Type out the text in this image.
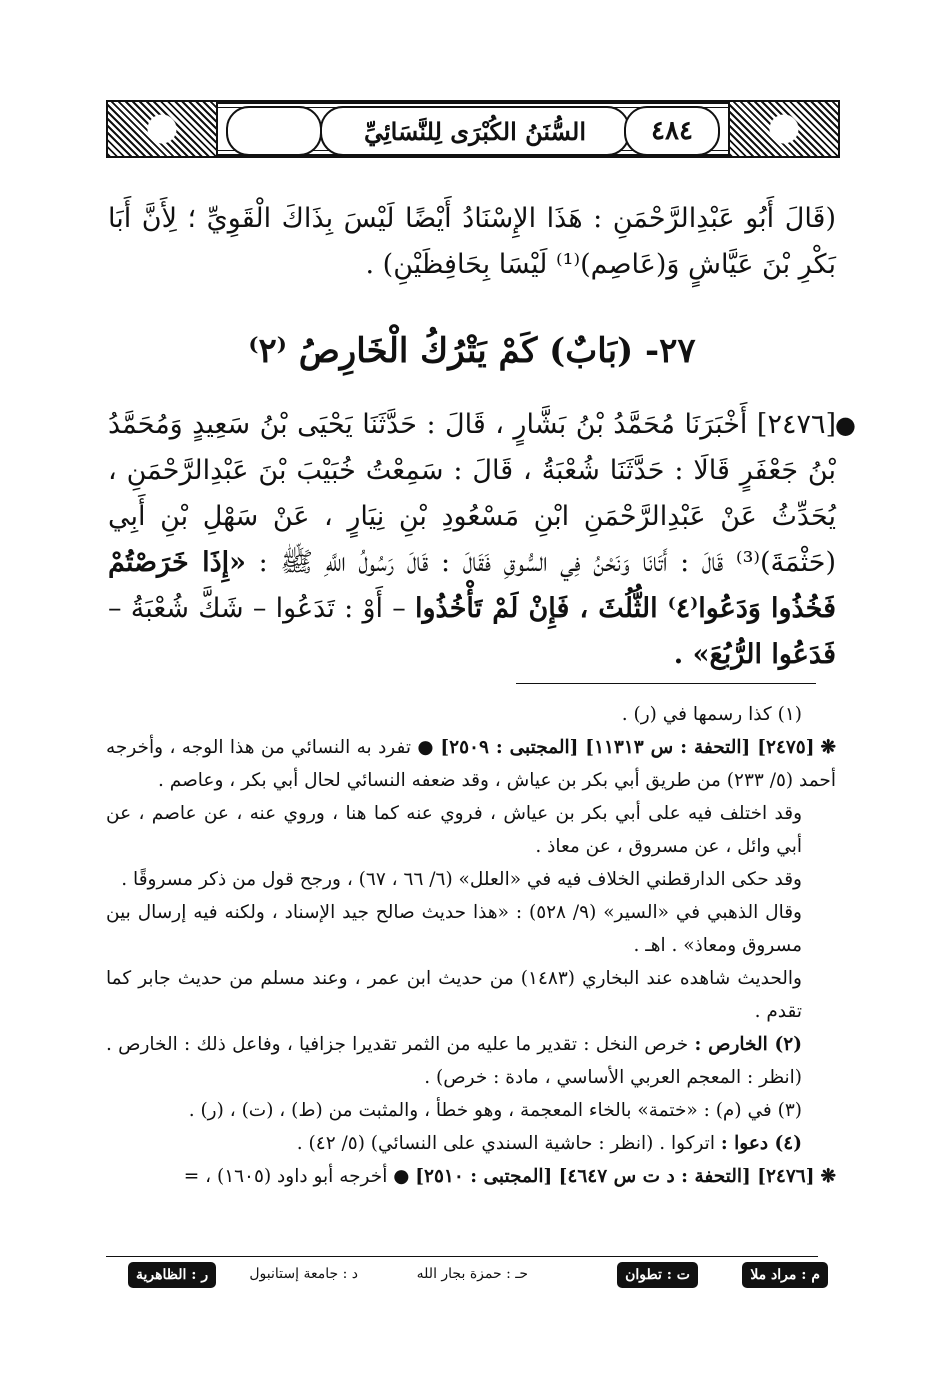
السُّنَنُ الكُبْرَى لِلنَّسَائِيِّ	٤٨٤

(قَالَ أَبُو عَبْدِالرَّحْمَنِ : هَذَا الإِسْنَادُ أَيْضًا لَيْسَ بِذَاكَ الْقَوِيِّ ؛ لِأَنَّ أَبَا بَكْرِ بْنَ عَيَّاشٍ وَ(عَاصِم)⁽¹⁾ لَيْسَا بِحَافِظَيْنِ) .

٢٧- (بَابٌ) كَمْ يَتْرُكُ الْخَارِصُ ⁽٢⁾
●
[٢٤٧٦] أَخْبَرَنَا مُحَمَّدُ بْنُ بَشَّارٍ ، قَالَ : حَدَّثَنَا يَحْيَى بْنُ سَعِيدٍ وَمُحَمَّدُ بْنُ جَعْفَرٍ قَالَا : حَدَّثَنَا شُعْبَةُ ، قَالَ : سَمِعْتُ خُبَيْبَ بْنَ عَبْدِالرَّحْمَنِ ، يُحَدِّثُ عَنْ عَبْدِالرَّحْمَنِ ابْنِ مَسْعُودِ بْنِ نِيَارٍ ، عَنْ سَهْلِ بْنِ أَبِي (حَثْمَةَ)⁽³⁾ قَالَ : أَتَانَا وَنَحْنُ فِي السُّوقِ فَقَالَ : قَالَ رَسُولُ اللَّهِ ﷺ : «إِذَا خَرَصْتُمْ فَخُذُوا وَدَعُوا⁽٤⁾ الثُّلُثَ ، فَإِنْ لَمْ تَأْخُذُوا – أَوْ : تَدَعُوا – شَكَّ شُعْبَةُ – فَدَعُوا الرُّبُعَ» .

(١) كذا رسمها في (ر) .

❋[٢٤٧٥] [التحفة : س ١١٣١٣] [المجتبى : ٢٥٠٩] ● تفرد به النسائي من هذا الوجه ، وأخرجه أحمد (٥/ ٢٣٣) من طريق أبي بكر بن عياش ، وقد ضعفه النسائي لحال أبي بكر ، وعاصم .

وقد اختلف فيه على أبي بكر بن عياش ، فروي عنه كما هنا ، وروي عنه ، عن عاصم ، عن أبي وائل ، عن مسروق ، عن معاذ .

وقد حكى الدارقطني الخلاف فيه في «العلل» (٦/ ٦٦ ، ٦٧) ، ورجح قول من ذكر مسروقًا .

وقال الذهبي في «السير» (٩/ ٥٢٨) : «هذا حديث صالح جيد الإسناد ، ولكنه فيه إرسال بين مسروق ومعاذ» . اهـ .

والحديث شاهده عند البخاري (١٤٨٣) من حديث ابن عمر ، وعند مسلم من حديث جابر كما تقدم .

(٢) الخارص : خرص النخل : تقدير ما عليه من الثمر تقديرا جزافيا ، وفاعل ذلك : الخارص . (انظر : المعجم العربي الأساسي ، مادة : خرص) .

(٣) في (م) : «ختمة» بالخاء المعجمة ، وهو خطأ ، والمثبت من (ط) ، (ت) ، (ر) .

(٤) دعوا : اتركوا . (انظر : حاشية السندي على النسائي) (٥/ ٤٢) .

❋[٢٤٧٦] [التحفة : د ت س ٤٦٤٧] [المجتبى : ٢٥١٠] ● أخرجه أبو داود (١٦٠٥) ، =

م : مراد ملا
ت : تطوان
حـ : حمزة بجار الله
د : جامعة إستانبول
ر : الظاهرية
